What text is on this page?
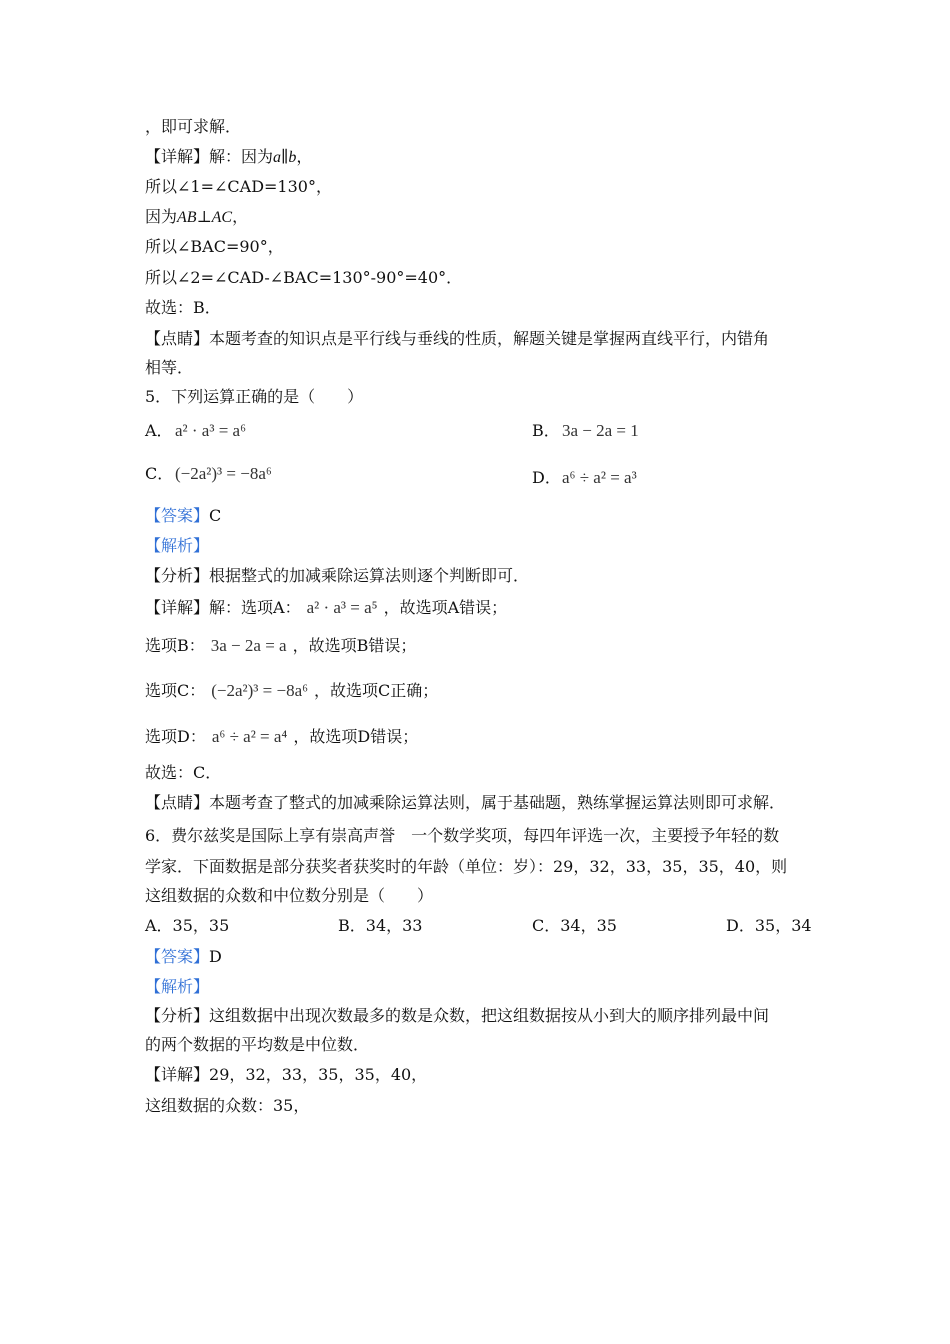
，即可求解．
【详解】解：因为a∥b，
所以∠1=∠CAD=130°，
因为AB⊥AC，
所以∠BAC=90°，
所以∠2=∠CAD-∠BAC=130°-90°=40°．
故选：B．
【点睛】本题考查的知识点是平行线与垂线的性质，解题关键是掌握两直线平行，内错角
相等．
5．下列运算正确的是（　　）
A． a² · a³ = a⁶	B． 3a − 2a = 1
C． (−2a²)³ = −8a⁶	D．a⁶ ÷ a² = a³
【答案】C
【解析】
【分析】根据整式的加减乘除运算法则逐个判断即可．
【详解】解：选项A： a² · a³ = a⁵ ，故选项A错误；
选项B： 3a − 2a = a ，故选项B错误；
选项C： (−2a²)³ = −8a⁶ ，故选项C正确；
选项D： a⁶ ÷ a² = a⁴ ，故选项D错误；
故选：C．
【点睛】本题考查了整式的加减乘除运算法则，属于基础题，熟练掌握运算法则即可求解．
6．费尔兹奖是国际上享有崇高声誉　一个数学奖项，每四年评选一次，主要授予年轻的数
学家．下面数据是部分获奖者获奖时的年龄（单位：岁）：29，32，33，35，35，40，则
这组数据的众数和中位数分别是（　　）
A．35，35	B．34，33	C．34，35	D．35，34
【答案】D
【解析】
【分析】这组数据中出现次数最多的数是众数，把这组数据按从小到大的顺序排列最中间
的两个数据的平均数是中位数．
【详解】29，32，33，35，35，40，
这组数据的众数：35，
